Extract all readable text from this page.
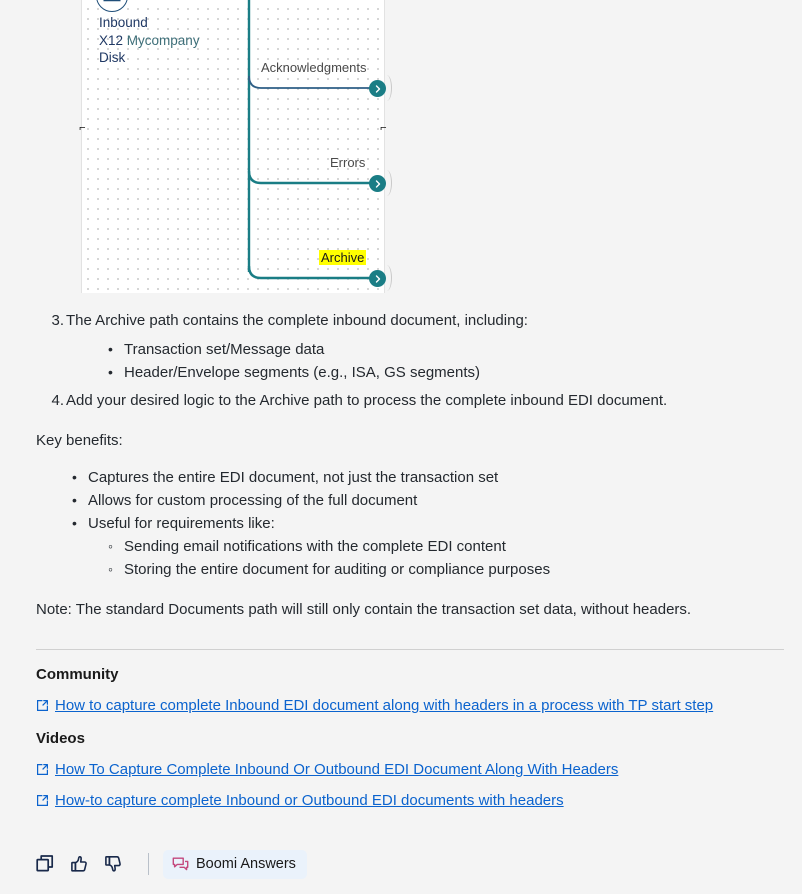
Inbound
X12 Mycompany
Disk
Acknowledgments
Errors
Archive
⌐	⌐

3. The Archive path contains the complete inbound document, including:

• Transaction set/Message data
• Header/Envelope segments (e.g., ISA, GS segments)

4. Add your desired logic to the Archive path to process the complete inbound EDI document.

Key benefits:

• Captures the entire EDI document, not just the transaction set
• Allows for custom processing of the full document
• Useful for requirements like:
◦ Sending email notifications with the complete EDI content
◦ Storing the entire document for auditing or compliance purposes

Note: The standard Documents path will still only contain the transaction set data, without headers.

Community

How to capture complete Inbound EDI document along with headers in a process with TP start step

Videos

How To Capture Complete Inbound Or Outbound EDI Document Along With Headers
How-to capture complete Inbound or Outbound EDI documents with headers
Boomi Answers
